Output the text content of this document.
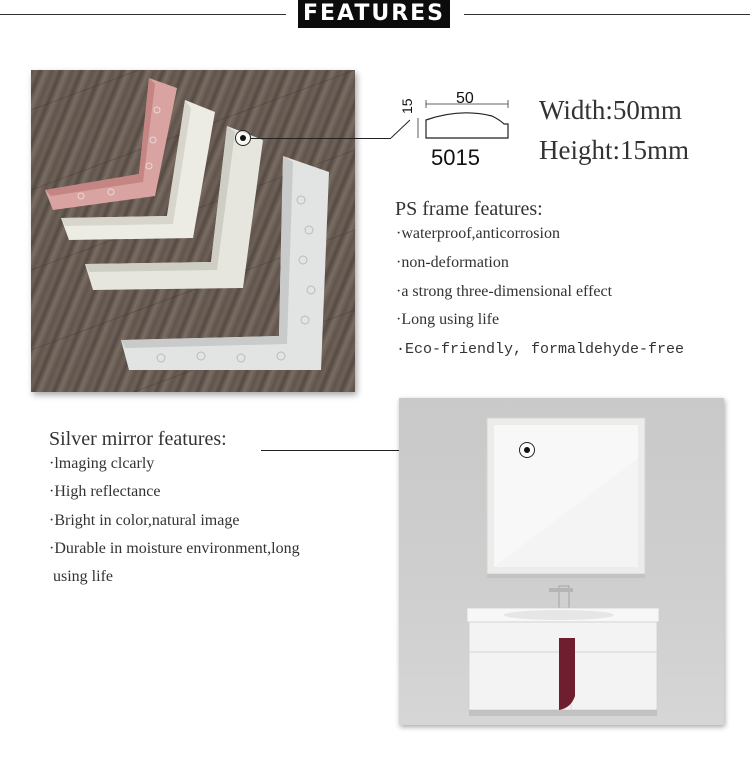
FEATURES
50
15
5015
Width:50mm
Height:15mm
PS frame features:
·waterproof,anticorrosion
·non-deformation
·a strong three-dimensional effect
·Long using life
·Eco-friendly, formaldehyde-free
Silver mirror features:
·lmaging clcarly
·High reflectance
·Bright in color,natural image
·Durable in moisture environment,long
using life
